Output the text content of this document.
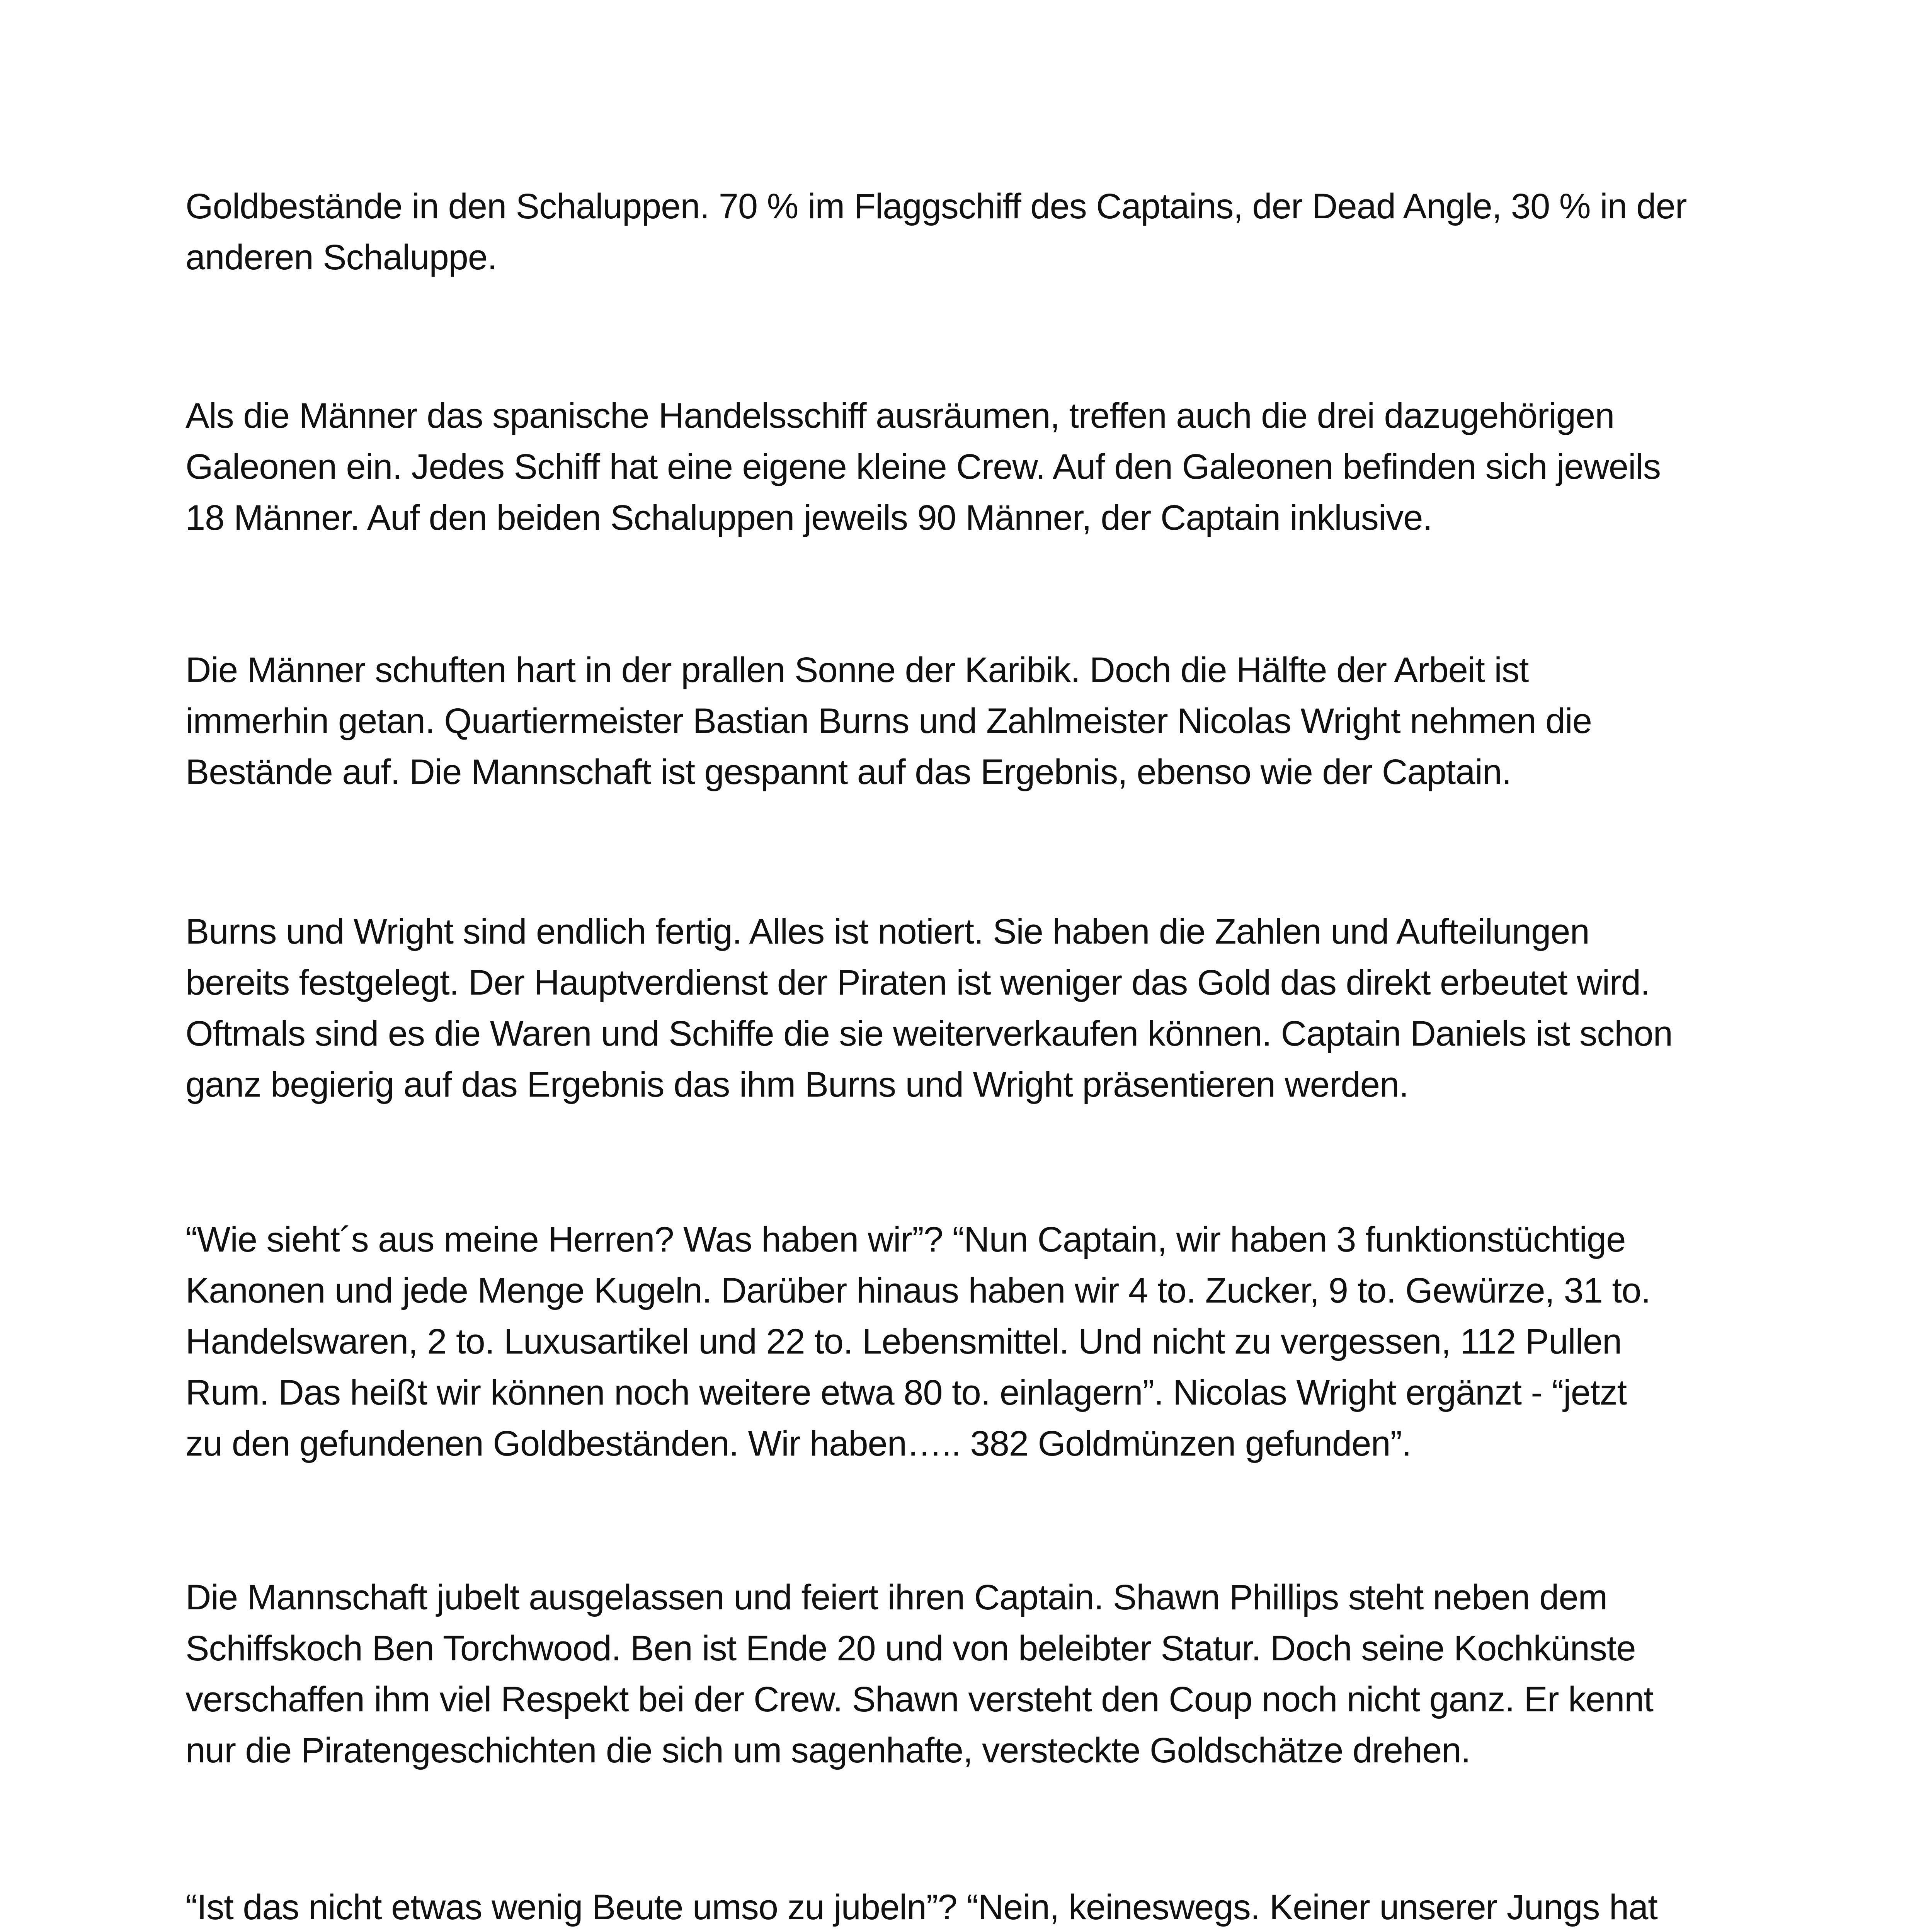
Goldbestände in den Schaluppen. 70 % im Flaggschiff des Captains, der Dead Angle, 30 % in der
anderen Schaluppe.

Als die Männer das spanische Handelsschiff ausräumen, treffen auch die drei dazugehörigen
Galeonen ein. Jedes Schiff hat eine eigene kleine Crew. Auf den Galeonen befinden sich jeweils
18 Männer. Auf den beiden Schaluppen jeweils 90 Männer, der Captain inklusive.

Die Männer schuften hart in der prallen Sonne der Karibik. Doch die Hälfte der Arbeit ist
immerhin getan. Quartiermeister Bastian Burns und Zahlmeister Nicolas Wright nehmen die
Bestände auf. Die Mannschaft ist gespannt auf das Ergebnis, ebenso wie der Captain.

Burns und Wright sind endlich fertig. Alles ist notiert. Sie haben die Zahlen und Aufteilungen
bereits festgelegt. Der Hauptverdienst der Piraten ist weniger das Gold das direkt erbeutet wird.
Oftmals sind es die Waren und Schiffe die sie weiterverkaufen können. Captain Daniels ist schon
ganz begierig auf das Ergebnis das ihm Burns und Wright präsentieren werden.

“Wie sieht´s aus meine Herren? Was haben wir”? “Nun Captain, wir haben 3 funktionstüchtige
Kanonen und jede Menge Kugeln. Darüber hinaus haben wir 4 to. Zucker, 9 to. Gewürze, 31 to.
Handelswaren, 2 to. Luxusartikel und 22 to. Lebensmittel. Und nicht zu vergessen, 112 Pullen
Rum. Das heißt wir können noch weitere etwa 80 to. einlagern”. Nicolas Wright ergänzt - “jetzt
zu den gefundenen Goldbeständen. Wir haben….. 382 Goldmünzen gefunden”.

Die Mannschaft jubelt ausgelassen und feiert ihren Captain. Shawn Phillips steht neben dem
Schiffskoch Ben Torchwood. Ben ist Ende 20 und von beleibter Statur. Doch seine Kochkünste
verschaffen ihm viel Respekt bei der Crew. Shawn versteht den Coup noch nicht ganz. Er kennt
nur die Piratengeschichten die sich um sagenhafte, versteckte Goldschätze drehen.

“Ist das nicht etwas wenig Beute umso zu jubeln”? “Nein, keineswegs. Keiner unserer Jungs hat
